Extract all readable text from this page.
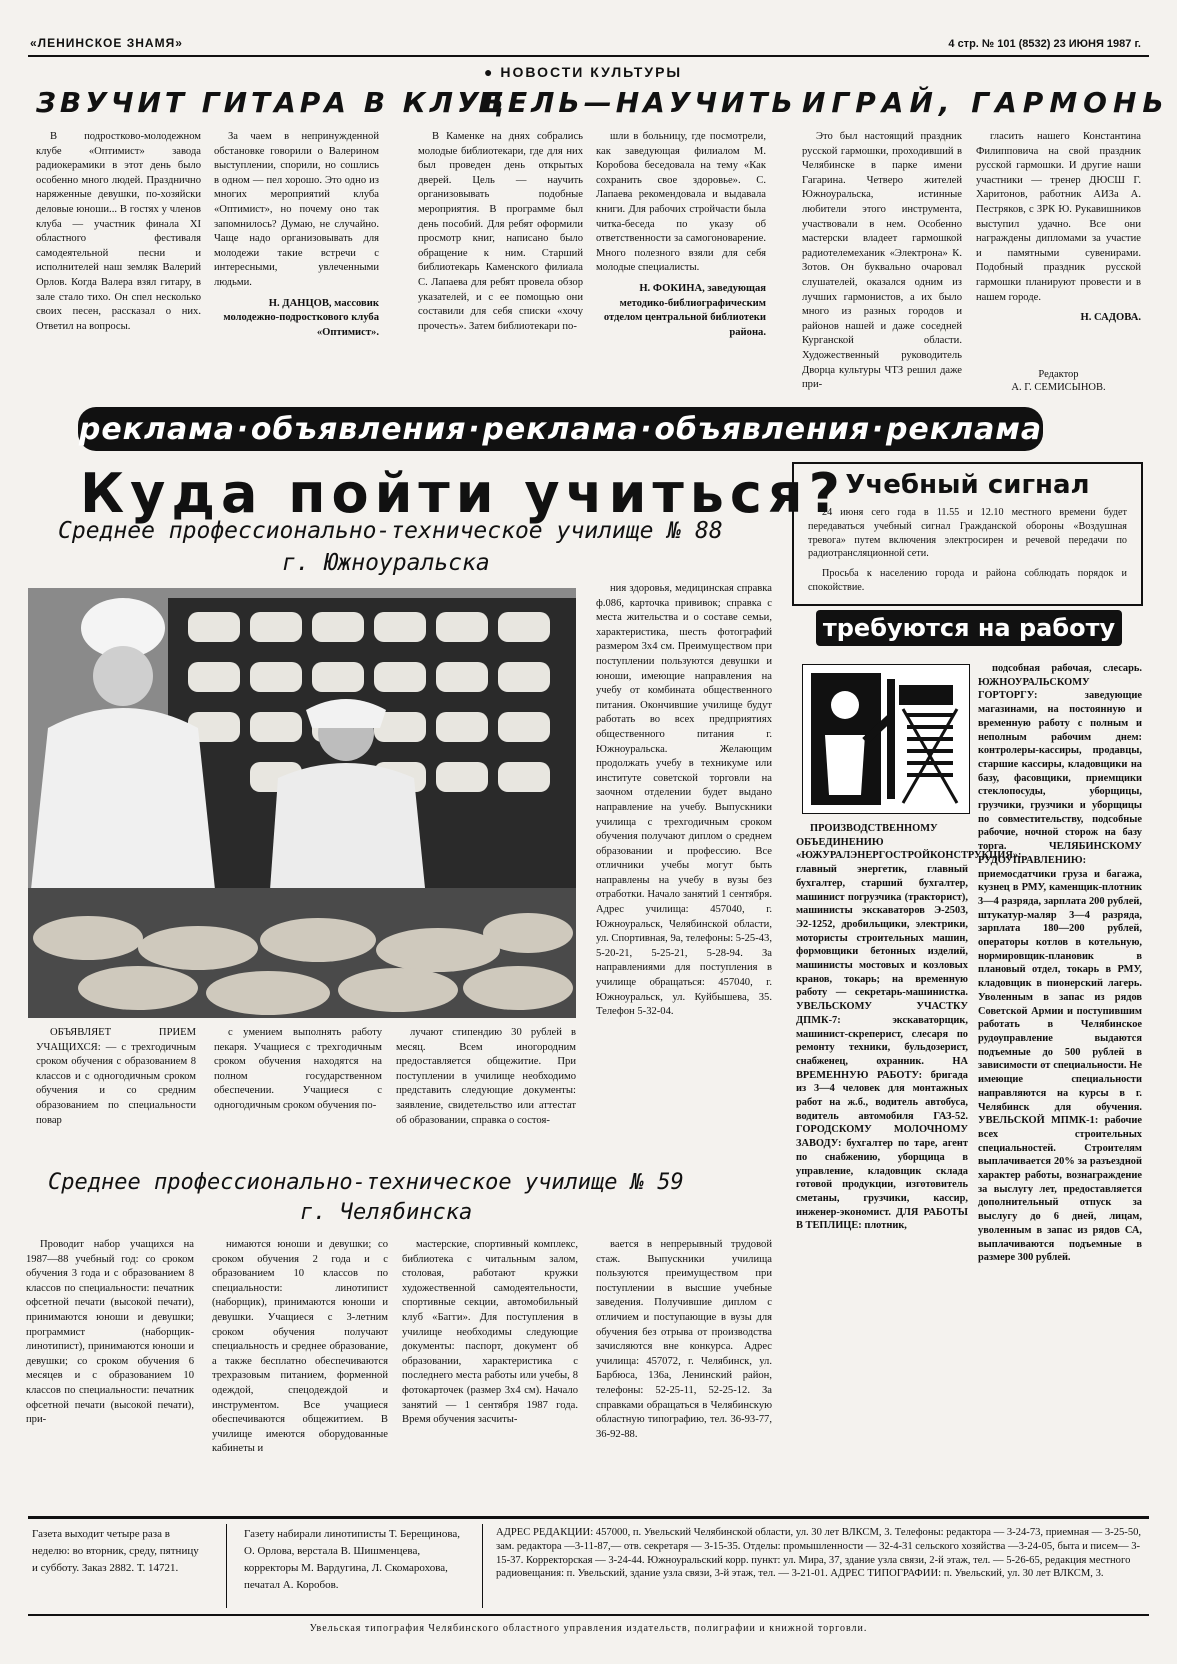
«ЛЕНИНСКОЕ ЗНАМЯ»	4 стр. № 101 (8532) 23 ИЮНЯ 1987 г.
● НОВОСТИ КУЛЬТУРЫ
ЗВУЧИТ ГИТАРА В КЛУБЕ
ЦЕЛЬ—НАУЧИТЬ ИГРАЙ, ГАРМОНЬ

В подростково-молодежном клубе «Оптимист» завода радиокерамики в этот день было особенно много людей. Празднично наряженные девушки, по-хозяйски деловые юноши... В гостях у членов клуба — участник финала XI областного фестиваля самодеятельной песни и исполнителей наш земляк Валерий Орлов. Когда Валера взял гитару, в зале стало тихо. Он спел несколько своих песен, рассказал о них. Ответил на вопросы.

За чаем в непринужденной обстановке говорили о Валерином выступлении, спорили, но сошлись в одном — пел хорошо. Это одно из многих мероприятий клуба «Оптимист», но почему оно так запомнилось? Думаю, не случайно. Чаще надо организовывать для молодежи такие встречи с интересными, увлеченными людьми.

Н. ДАНЦОВ, массовик молодежно-подросткового клуба «Оптимист».

В Каменке на днях собрались молодые библиотекари, где для них был проведен день открытых дверей. Цель — научить организовывать подобные мероприятия. В программе был день пособий. Для ребят оформили просмотр книг, написано было обращение к ним. Старший библиотекарь Каменского филиала С. Лапаева для ребят провела обзор указателей, и с ее помощью они составили для себя списки «хочу прочесть». Затем библиотекари по-

шли в больницу, где посмотрели, как заведующая филиалом М. Коробова беседовала на тему «Как сохранить свое здоровье». С. Лапаева рекомендовала и выдавала книги. Для рабочих стройчасти была читка-беседа по указу об ответственности за самогоноварение. Много полезного взяли для себя молодые специалисты.

Н. ФОКИНА, заведующая методико-библиографическим отделом центральной библиотеки района.

Это был настоящий праздник русской гармошки, проходивший в Челябинске в парке имени Гагарина. Четверо жителей Южноуральска, истинные любители этого инструмента, участвовали в нем. Особенно мастерски владеет гармошкой радиотелемеханик «Электрона» К. Зотов. Он буквально очаровал слушателей, оказался одним из лучших гармонистов, а их было много из разных городов и районов нашей и даже соседней Курганской области. Художественный руководитель Дворца культуры ЧТЗ решил даже при-

гласить нашего Константина Филипповича на свой праздник русской гармошки. И другие наши участники — тренер ДЮСШ Г. Харитонов, работник АИЗа А. Пестряков, с ЗРК Ю. Рукавишников выступил удачно. Все они награждены дипломами за участие и памятными сувенирами. Подобный праздник русской гармошки планируют провести и в нашем городе.

Н. САДОВА.

Редактор
А. Г. СЕМИСЫНОВ.
реклама · объявления · реклама · объявления · реклама
Куда пойти учиться?
Среднее профессионально-техническое училище № 88
г. Южноуральска

ния здоровья, медицинская справка ф.086, карточка прививок; справка с места жительства и о составе семьи, характеристика, шесть фотографий размером 3х4 см. Преимуществом при поступлении пользуются девушки и юноши, имеющие направления на учебу от комбината общественного питания. Окончившие училище будут работать во всех предприятиях общественного питания г. Южноуральска. Желающим продолжать учебу в техникуме или институте советской торговли на заочном отделении будет выдано направление на учебу. Выпускники училища с трехгодичным сроком обучения получают диплом о среднем образовании и профессию. Все отличники учебы могут быть направлены на учебу в вузы без отработки. Начало занятий 1 сентября. Адрес училища: 457040, г. Южноуральск, Челябинской области, ул. Спортивная, 9а, телефоны: 5-25-43, 5-20-21, 5-25-21, 5-28-94. За направлениями для поступления в училище обращаться: 457040, г. Южноуральск, ул. Куйбышева, 35. Телефон 5-32-04.

ОБЪЯВЛЯЕТ ПРИЕМ УЧАЩИХСЯ: — с трехгодичным сроком обучения с образованием 8 классов и с одногодичным сроком обучения и со средним образованием по специальности повар

с умением выполнять работу пекаря. Учащиеся с трехгодичным сроком обучения находятся на полном государственном обеспечении. Учащиеся с одногодичным сроком обучения по-

лучают стипендию 30 рублей в месяц. Всем иногородним предоставляется общежитие. При поступлении в училище необходимо представить следующие документы: заявление, свидетельство или аттестат об образовании, справка о состоя-

Среднее профессионально-техническое училище № 59
г. Челябинска

Проводит набор учащихся на 1987—88 учебный год: со сроком обучения 3 года и с образованием 8 классов по специальности: печатник офсетной печати (высокой печати), принимаются юноши и девушки; программист (наборщик-линотипист), принимаются юноши и девушки; со сроком обучения 6 месяцев и с образованием 10 классов по специальности: печатник офсетной печати (высокой печати), при-

нимаются юноши и девушки; со сроком обучения 2 года и с образованием 10 классов по специальности: линотипист (наборщик), принимаются юноши и девушки. Учащиеся с 3-летним сроком обучения получают специальность и среднее образование, а также бесплатно обеспечиваются трехразовым питанием, форменной одеждой, спецодеждой и инструментом. Все учащиеся обеспечиваются общежитием. В училище имеются оборудованные кабинеты и

мастерские, спортивный комплекс, библиотека с читальным залом, столовая, работают кружки художественной самодеятельности, спортивные секции, автомобильный клуб «Багги». Для поступления в училище необходимы следующие документы: паспорт, документ об образовании, характеристика с последнего места работы или учебы, 8 фотокарточек (размер 3х4 см). Начало занятий — 1 сентября 1987 года. Время обучения засчиты-

вается в непрерывный трудовой стаж. Выпускники училища пользуются преимуществом при поступлении в высшие учебные заведения. Получившие диплом с отличием и поступающие в вузы для обучения без отрыва от производства зачисляются вне конкурса. Адрес училища: 457072, г. Челябинск, ул. Барбюса, 136а, Ленинский район, телефоны: 52-25-11, 52-25-12. За справками обращаться в Челябинскую областную типографию, тел. 36-93-77, 36-92-88.

Учебный сигнал

24 июня сего года в 11.55 и 12.10 местного времени будет передаваться учебный сигнал Гражданской обороны «Воздушная тревога» путем включения электросирен и речевой передачи по радиотрансляционной сети.

Просьба к населению города и района соблюдать порядок и спокойствие.

требуются на работу

ПРОИЗВОДСТВЕННОМУ ОБЪЕДИНЕНИЮ «ЮЖУРАЛЭНЕРГОСТРОЙКОНСТРУКЦИЯ»: главный энергетик, главный бухгалтер, старший бухгалтер, машинист погрузчика (тракторист), машинисты экскаваторов Э-2503, Э2-1252, дробильщики, электрики, мотористы строительных машин, формовщики бетонных изделий, машинисты мостовых и козловых кранов, токарь; на временную работу — секретарь-машинистка. УВЕЛЬСКОМУ УЧАСТКУ ДПМК-7: экскаваторщик, машинист-скреперист, слесаря по ремонту техники, бульдозерист, снабженец, охранник. НА ВРЕМЕННУЮ РАБОТУ: бригада из 3—4 человек для монтажных работ на ж.б., водитель автобуса, водитель автомобиля ГАЗ-52. ГОРОДСКОМУ МОЛОЧНОМУ ЗАВОДУ: бухгалтер по таре, агент по снабжению, уборщица в управление, кладовщик склада готовой продукции, изготовитель сметаны, грузчики, кассир, инженер-экономист. ДЛЯ РАБОТЫ В ТЕПЛИЦЕ: плотник,

подсобная рабочая, слесарь. ЮЖНОУРАЛЬСКОМУ ГОРТОРГУ: заведующие магазинами, на постоянную и временную работу с полным и неполным рабочим днем: контролеры-кассиры, продавцы, старшие кассиры, кладовщики на базу, фасовщики, приемщики стеклопосуды, уборщицы, грузчики, грузчики и уборщицы по совместительству, подсобные рабочие, ночной сторож на базу торга. ЧЕЛЯБИНСКОМУ РУДОУПРАВЛЕНИЮ: приемосдатчики груза и багажа, кузнец в РМУ, каменщик-плотник 3—4 разряда, зарплата 200 рублей, штукатур-маляр 3—4 разряда, зарплата 180—200 рублей, операторы котлов в котельную, нормировщик-плановик в плановый отдел, токарь в РМУ, кладовщик в пионерский лагерь. Уволенным в запас из рядов Советской Армии и поступившим работать в Челябинское рудоуправление выдаются подъемные до 500 рублей в зависимости от специальности. Не имеющие специальности направляются на курсы в г. Челябинск для обучения. УВЕЛЬСКОЙ МПМК-1: рабочие всех строительных специальностей. Строителям выплачивается 20% за разъездной характер работы, вознаграждение за выслугу лет, предоставляется дополнительный отпуск за выслугу до 6 дней, лицам, уволенным в запас из рядов СА, выплачиваются подъемные в размере 300 рублей.

Газета выходит четыре раза в неделю: во вторник, среду, пятницу и субботу. Заказ 2882. Т. 14721.
Газету набирали линотиписты Т. Берещинова, О. Орлова, верстала В. Шишменцева, корректоры М. Вардугина, Л. Скомарохова, печатал А. Коробов.
АДРЕС РЕДАКЦИИ: 457000, п. Увельский Челябинской области, ул. 30 лет ВЛКСМ, 3. Телефоны: редактора — 3-24-73, приемная — 3-25-50, зам. редактора —3-11-87,— отв. секретаря — 3-15-35. Отделы: промышленности — 32-4-31 сельского хозяйства —3-24-05, быта и писем— 3-15-37. Корректорская — 3-24-44. Южноуральский корр. пункт: ул. Мира, 37, здание узла связи, 2-й этаж, тел. — 5-26-65, редакция местного радиовещания: п. Увельский, здание узла связи, 3-й этаж, тел. — 3-21-01. АДРЕС ТИПОГРАФИИ: п. Увельский, ул. 30 лет ВЛКСМ, 3.
Увельская типография Челябинского областного управления издательств, полиграфии и книжной торговли.
